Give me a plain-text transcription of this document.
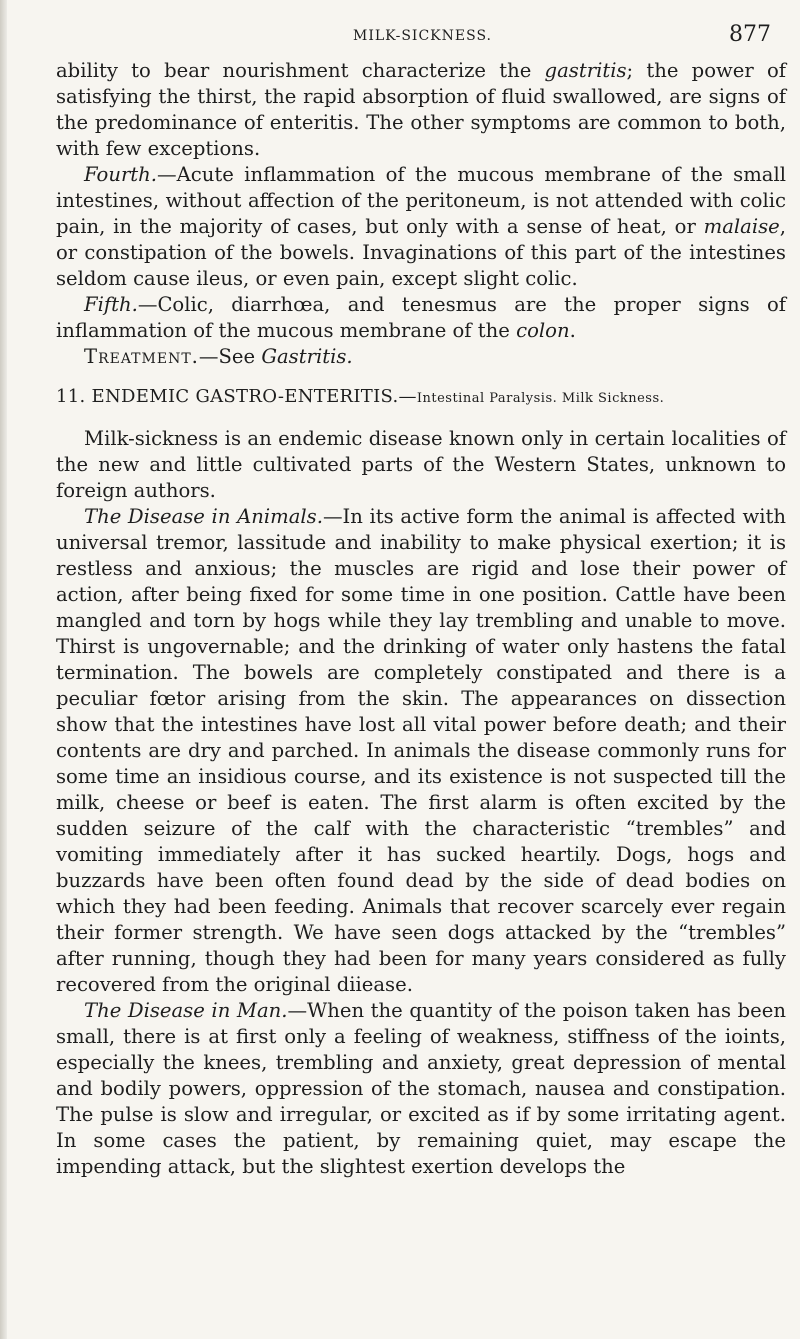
MILK-SICKNESS.	877

ability to bear nourishment characterize the gastritis; the power of satisfying the thirst, the rapid absorption of fluid swallowed, are signs of the predominance of enteritis. The other symptoms are common to both, with few exceptions.

Fourth.—Acute inflammation of the mucous membrane of the small intestines, without affection of the peritoneum, is not attended with colic pain, in the majority of cases, but only with a sense of heat, or malaise, or constipation of the bowels. Invaginations of this part of the intestines seldom cause ileus, or even pain, except slight colic.

Fifth.—Colic, diarrhœa, and tenesmus are the proper signs of inflammation of the mucous membrane of the colon.

Treatment.—See Gastritis.

11. ENDEMIC GASTRO-ENTERITIS.—Intestinal Paralysis. Milk Sickness.

Milk-sickness is an endemic disease known only in certain localities of the new and little cultivated parts of the Western States, unknown to foreign authors.

The Disease in Animals.—In its active form the animal is affected with universal tremor, lassitude and inability to make physical exertion; it is restless and anxious; the muscles are rigid and lose their power of action, after being fixed for some time in one position. Cattle have been mangled and torn by hogs while they lay trembling and unable to move. Thirst is ungovernable; and the drinking of water only hastens the fatal termination. The bowels are completely constipated and there is a peculiar fœtor arising from the skin. The appearances on dissection show that the intestines have lost all vital power before death; and their contents are dry and parched. In animals the disease commonly runs for some time an insidious course, and its existence is not suspected till the milk, cheese or beef is eaten. The first alarm is often excited by the sudden seizure of the calf with the characteristic “trembles” and vomiting immediately after it has sucked heartily. Dogs, hogs and buzzards have been often found dead by the side of dead bodies on which they had been feeding. Animals that recover scarcely ever regain their former strength. We have seen dogs attacked by the “trembles” after running, though they had been for many years considered as fully recovered from the original diiease.

The Disease in Man.—When the quantity of the poison taken has been small, there is at first only a feeling of weakness, stiffness of the ioints, especially the knees, trembling and anxiety, great depression of mental and bodily powers, oppression of the stomach, nausea and constipation. The pulse is slow and irregular, or excited as if by some irritating agent. In some cases the patient, by remaining quiet, may escape the impending attack, but the slightest exertion develops the
